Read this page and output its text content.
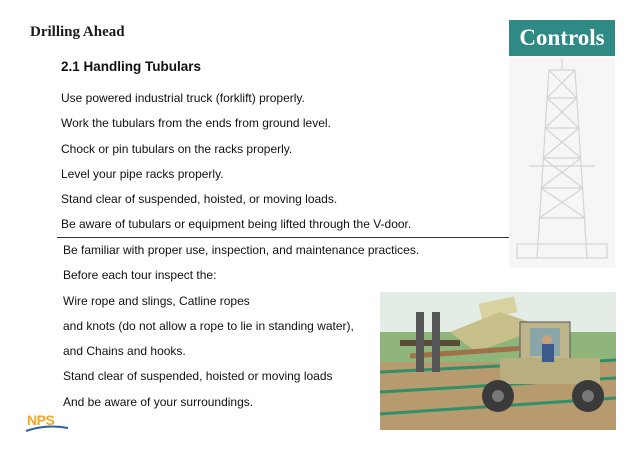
Drilling Ahead	Controls
2.1 Handling Tubulars
Use powered industrial truck (forklift) properly.
Work the tubulars from the ends from ground level.
Chock or pin tubulars on the racks properly.
Level your pipe racks properly.
Stand clear of suspended, hoisted, or moving loads.
Be aware of tubulars or equipment being lifted through the V-door.
Be familiar with proper use, inspection, and maintenance practices.
Before each tour inspect the:
Wire rope and slings, Catline ropes
and knots (do not allow a rope to lie in standing water),
and Chains and hooks.
Stand clear of suspended, hoisted or moving loads
And be aware of your surroundings.
NPS
